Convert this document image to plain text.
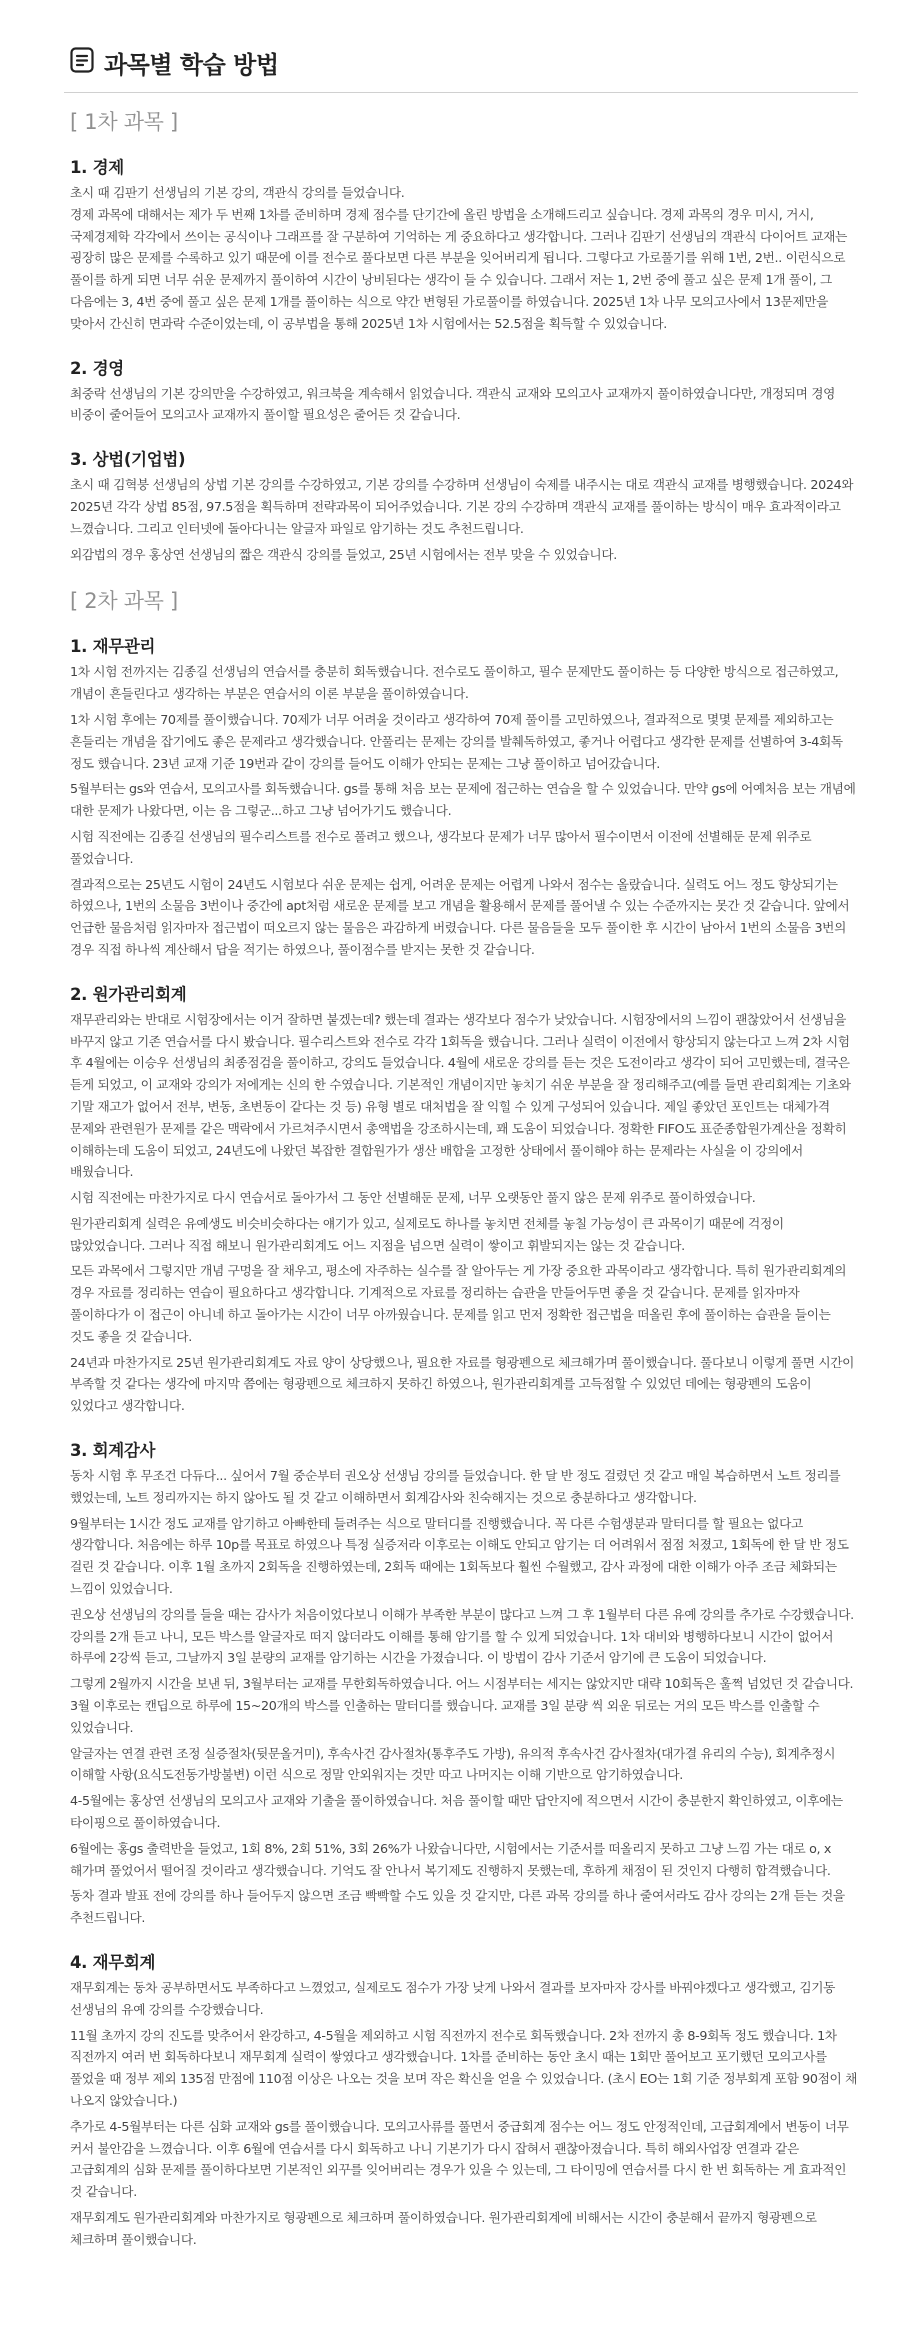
과목별 학습 방법
[ 1차 과목 ]
1. 경제

초시 때 김판기 선생님의 기본 강의, 객관식 강의를 들었습니다.
경제 과목에 대해서는 제가 두 번째 1차를 준비하며 경제 점수를 단기간에 올린 방법을 소개해드리고 싶습니다. 경제 과목의 경우 미시, 거시, 국제경제학 각각에서 쓰이는 공식이나 그래프를 잘 구분하여 기억하는 게 중요하다고 생각합니다. 그러나 김판기 선생님의 객관식 다이어트 교재는 굉장히 많은 문제를 수록하고 있기 때문에 이를 전수로 풀다보면 다른 부분을 잊어버리게 됩니다. 그렇다고 가로풀기를 위해 1번, 2번.. 이런식으로 풀이를 하게 되면 너무 쉬운 문제까지 풀이하여 시간이 낭비된다는 생각이 들 수 있습니다. 그래서 저는 1, 2번 중에 풀고 싶은 문제 1개 풀이, 그 다음에는 3, 4번 중에 풀고 싶은 문제 1개를 풀이하는 식으로 약간 변형된 가로풀이를 하였습니다. 2025년 1차 나무 모의고사에서 13문제만을 맞아서 간신히 면과락 수준이었는데, 이 공부법을 통해 2025년 1차 시험에서는 52.5점을 획득할 수 있었습니다.

2. 경영

최중락 선생님의 기본 강의만을 수강하였고, 워크북을 계속해서 읽었습니다. 객관식 교재와 모의고사 교재까지 풀이하였습니다만, 개정되며 경영 비중이 줄어들어 모의고사 교재까지 풀이할 필요성은 줄어든 것 같습니다.

3. 상법(기업법)

초시 때 김혁붕 선생님의 상법 기본 강의를 수강하였고, 기본 강의를 수강하며 선생님이 숙제를 내주시는 대로 객관식 교재를 병행했습니다. 2024와 2025년 각각 상법 85점, 97.5점을 획득하며 전략과목이 되어주었습니다. 기본 강의 수강하며 객관식 교재를 풀이하는 방식이 매우 효과적이라고 느꼈습니다. 그리고 인터넷에 돌아다니는 알글자 파일로 암기하는 것도 추천드립니다.

외감법의 경우 홍상연 선생님의 짧은 객관식 강의를 들었고, 25년 시험에서는 전부 맞을 수 있었습니다.

[ 2차 과목 ]
1. 재무관리

1차 시험 전까지는 김종길 선생님의 연습서를 충분히 회독했습니다. 전수로도 풀이하고, 필수 문제만도 풀이하는 등 다양한 방식으로 접근하였고, 개념이 흔들린다고 생각하는 부분은 연습서의 이론 부분을 풀이하였습니다.

1차 시험 후에는 70제를 풀이했습니다. 70제가 너무 어려울 것이라고 생각하여 70제 풀이를 고민하였으나, 결과적으로 몇몇 문제를 제외하고는 흔들리는 개념을 잡기에도 좋은 문제라고 생각했습니다. 안풀리는 문제는 강의를 발췌독하였고, 좋거나 어렵다고 생각한 문제를 선별하여 3-4회독 정도 했습니다. 23년 교재 기준 19번과 같이 강의를 들어도 이해가 안되는 문제는 그냥 풀이하고 넘어갔습니다.

5월부터는 gs와 연습서, 모의고사를 회독했습니다. gs를 통해 처음 보는 문제에 접근하는 연습을 할 수 있었습니다. 만약 gs에 어예처음 보는 개념에 대한 문제가 나왔다면, 이는 음 그렇군...하고 그냥 넘어가기도 했습니다.

시험 직전에는 김종길 선생님의 필수리스트를 전수로 풀려고 했으나, 생각보다 문제가 너무 많아서 필수이면서 이전에 선별해둔 문제 위주로 풀었습니다.

결과적으로는 25년도 시험이 24년도 시험보다 쉬운 문제는 쉽게, 어려운 문제는 어렵게 나와서 점수는 올랐습니다. 실력도 어느 정도 향상되기는 하였으나, 1번의 소물음 3번이나 중간에 apt처럼 새로운 문제를 보고 개념을 활용해서 문제를 풀어낼 수 있는 수준까지는 못간 것 같습니다. 앞에서 언급한 물음처럼 읽자마자 접근법이 떠오르지 않는 물음은 과감하게 버렸습니다. 다른 물음들을 모두 풀이한 후 시간이 남아서 1번의 소물음 3번의 경우 직접 하나씩 계산해서 답을 적기는 하였으나, 풀이점수를 받지는 못한 것 같습니다.

2. 원가관리회계

재무관리와는 반대로 시험장에서는 이거 잘하면 붙겠는데? 했는데 결과는 생각보다 점수가 낮았습니다. 시험장에서의 느낌이 괜찮았어서 선생님을 바꾸지 않고 기존 연습서를 다시 봤습니다. 필수리스트와 전수로 각각 1회독을 했습니다. 그러나 실력이 이전에서 향상되지 않는다고 느껴 2차 시험 후 4월에는 이승우 선생님의 최종점검을 풀이하고, 강의도 들었습니다. 4월에 새로운 강의를 듣는 것은 도전이라고 생각이 되어 고민했는데, 결국은 듣게 되었고, 이 교재와 강의가 저에게는 신의 한 수였습니다. 기본적인 개념이지만 놓치기 쉬운 부분을 잘 정리해주고(예를 들면 관리회계는 기초와 기말 재고가 없어서 전부, 변동, 초변동이 같다는 것 등) 유형 별로 대처법을 잘 익힐 수 있게 구성되어 있습니다. 제일 좋았던 포인트는 대체가격 문제와 관련원가 문제를 같은 맥락에서 가르쳐주시면서 총액법을 강조하시는데, 꽤 도움이 되었습니다. 정확한 FIFO도 표준종합원가계산을 정확히 이해하는데 도움이 되었고, 24년도에 나왔던 복잡한 결합원가가 생산 배합을 고정한 상태에서 풀이해야 하는 문제라는 사실을 이 강의에서 배웠습니다.

시험 직전에는 마찬가지로 다시 연습서로 돌아가서 그 동안 선별해둔 문제, 너무 오랫동안 풀지 않은 문제 위주로 풀이하였습니다.

원가관리회계 실력은 유예생도 비슷비슷하다는 얘기가 있고, 실제로도 하나를 놓치면 전체를 놓칠 가능성이 큰 과목이기 때문에 걱정이 많았었습니다. 그러나 직접 해보니 원가관리회계도 어느 지점을 넘으면 실력이 쌓이고 휘발되지는 않는 것 같습니다.

모든 과목에서 그렇지만 개념 구멍을 잘 채우고, 평소에 자주하는 실수를 잘 알아두는 게 가장 중요한 과목이라고 생각합니다. 특히 원가관리회계의 경우 자료를 정리하는 연습이 필요하다고 생각합니다. 기계적으로 자료를 정리하는 습관을 만들어두면 좋을 것 같습니다. 문제를 읽자마자 풀이하다가 이 접근이 아니네 하고 돌아가는 시간이 너무 아까웠습니다. 문제를 읽고 먼저 정확한 접근법을 떠올린 후에 풀이하는 습관을 들이는 것도 좋을 것 같습니다.

24년과 마찬가지로 25년 원가관리회계도 자료 양이 상당했으나, 필요한 자료를 형광펜으로 체크해가며 풀이했습니다. 풀다보니 이렇게 풀면 시간이 부족할 것 같다는 생각에 마지막 쯤에는 형광펜으로 체크하지 못하긴 하였으나, 원가관리회계를 고득점할 수 있었던 데에는 형광펜의 도움이 있었다고 생각합니다.

3. 회계감사

동차 시험 후 무조건 다듀다... 싶어서 7월 중순부터 권오상 선생님 강의를 들었습니다. 한 달 반 정도 걸렸던 것 같고 매일 복습하면서 노트 정리를 했었는데, 노트 정리까지는 하지 않아도 될 것 같고 이해하면서 회계감사와 친숙해지는 것으로 충분하다고 생각합니다.

9월부터는 1시간 정도 교재를 암기하고 아빠한테 들려주는 식으로 말터디를 진행했습니다. 꼭 다른 수험생분과 말터디를 할 필요는 없다고 생각합니다. 처음에는 하루 10p를 목표로 하였으나 특정 실증저라 이후로는 이해도 안되고 암기는 더 어려워서 점점 처졌고, 1회독에 한 달 반 정도 걸린 것 같습니다. 이후 1월 초까지 2회독을 진행하였는데, 2회독 때에는 1회독보다 훨씬 수월했고, 감사 과정에 대한 이해가 아주 조금 체화되는 느낌이 있었습니다.

권오상 선생님의 강의를 들을 때는 감사가 처음이었다보니 이해가 부족한 부분이 많다고 느껴 그 후 1월부터 다른 유예 강의를 추가로 수강했습니다. 강의를 2개 듣고 나니, 모든 박스를 알글자로 떠지 않더라도 이해를 통해 암기를 할 수 있게 되었습니다. 1차 대비와 병행하다보니 시간이 없어서 하루에 2강씩 듣고, 그날까지 3일 분량의 교재를 암기하는 시간을 가졌습니다. 이 방법이 감사 기준서 암기에 큰 도움이 되었습니다.

그렇게 2월까지 시간을 보낸 뒤, 3월부터는 교재를 무한회독하였습니다. 어느 시점부터는 세지는 않았지만 대략 10회독은 훌쩍 넘었던 것 같습니다. 3월 이후로는 캔딥으로 하루에 15~20개의 박스를 인출하는 말터디를 했습니다. 교재를 3일 분량 씩 외운 뒤로는 거의 모든 박스를 인출할 수 있었습니다.

알글자는 연결 관련 조정 실증절차(뒷문올거미), 후속사건 감사절차(통후주도 가방), 유의적 후속사건 감사절차(대가결 유리의 수능), 회계추정시 이해할 사항(요식도전동가방불변) 이런 식으로 정말 안외워지는 것만 따고 나머지는 이해 기반으로 암기하였습니다.

4-5월에는 홍상연 선생님의 모의고사 교재와 기출을 풀이하였습니다. 처음 풀이할 때만 답안지에 적으면서 시간이 충분한지 확인하였고, 이후에는 타이핑으로 풀이하였습니다.

6월에는 홍gs 출력반을 들었고, 1회 8%, 2회 51%, 3회 26%가 나왔습니다만, 시험에서는 기준서를 떠올리지 못하고 그냥 느낌 가는 대로 o, x 해가며 풀었어서 떨어질 것이라고 생각했습니다. 기억도 잘 안나서 복기제도 진행하지 못했는데, 후하게 채점이 된 것인지 다행히 합격했습니다.

동차 결과 발표 전에 강의를 하나 들어두지 않으면 조금 빡빡할 수도 있을 것 같지만, 다른 과목 강의를 하나 줄여서라도 감사 강의는 2개 듣는 것을 추천드립니다.

4. 재무회계

재무회계는 동차 공부하면서도 부족하다고 느꼈었고, 실제로도 점수가 가장 낮게 나와서 결과를 보자마자 강사를 바꿔야겠다고 생각했고, 김기동 선생님의 유예 강의를 수강했습니다.

11월 초까지 강의 진도를 맞추어서 완강하고, 4-5월을 제외하고 시험 직전까지 전수로 회독했습니다. 2차 전까지 총 8-9회독 정도 했습니다. 1차 직전까지 여러 번 회독하다보니 재무회계 실력이 쌓였다고 생각했습니다. 1차를 준비하는 동안 초시 때는 1회만 풀어보고 포기했던 모의고사를 풀었을 때 정부 제외 135점 만점에 110점 이상은 나오는 것을 보며 작은 확신을 얻을 수 있었습니다. (초시 EO는 1회 기준 정부회계 포함 90점이 채 나오지 않았습니다.)

추가로 4-5월부터는 다른 심화 교재와 gs를 풀이했습니다. 모의고사류를 풀면서 중급회계 점수는 어느 정도 안정적인데, 고급회계에서 변동이 너무 커서 불안감을 느꼈습니다. 이후 6월에 연습서를 다시 회독하고 나니 기본기가 다시 잡혀서 괜찮아졌습니다. 특히 해외사업장 연결과 같은 고급회계의 심화 문제를 풀이하다보면 기본적인 외꾸를 잊어버리는 경우가 있을 수 있는데, 그 타이밍에 연습서를 다시 한 번 회독하는 게 효과적인 것 같습니다.

재무회계도 원가관리회계와 마찬가지로 형광펜으로 체크하며 풀이하였습니다. 원가관리회계에 비해서는 시간이 충분해서 끝까지 형광펜으로 체크하며 풀이했습니다.
